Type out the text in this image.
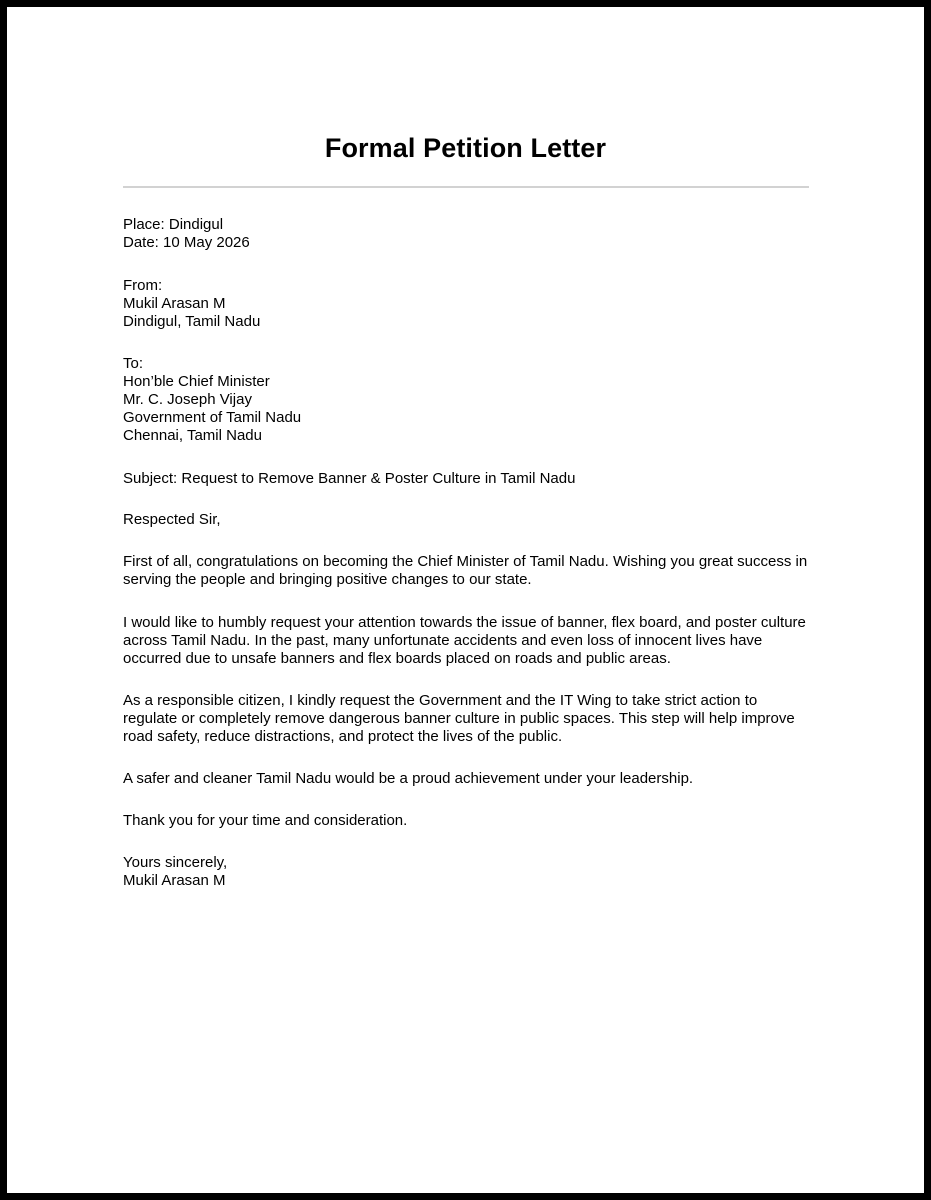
Formal Petition Letter

Place: Dindigul

Date: 10 May 2026

From:

Mukil Arasan M

Dindigul, Tamil Nadu

To:

Hon’ble Chief Minister

Mr. C. Joseph Vijay

Government of Tamil Nadu

Chennai, Tamil Nadu

Subject: Request to Remove Banner & Poster Culture in Tamil Nadu
Respected Sir,

First of all, congratulations on becoming the Chief Minister of Tamil Nadu. Wishing you great success in

serving the people and bringing positive changes to our state.

I would like to humbly request your attention towards the issue of banner, flex board, and poster culture

across Tamil Nadu. In the past, many unfortunate accidents and even loss of innocent lives have

occurred due to unsafe banners and flex boards placed on roads and public areas.

As a responsible citizen, I kindly request the Government and the IT Wing to take strict action to

regulate or completely remove dangerous banner culture in public spaces. This step will help improve

road safety, reduce distractions, and protect the lives of the public.

A safer and cleaner Tamil Nadu would be a proud achievement under your leadership.

Thank you for your time and consideration.

Yours sincerely,

Mukil Arasan M
